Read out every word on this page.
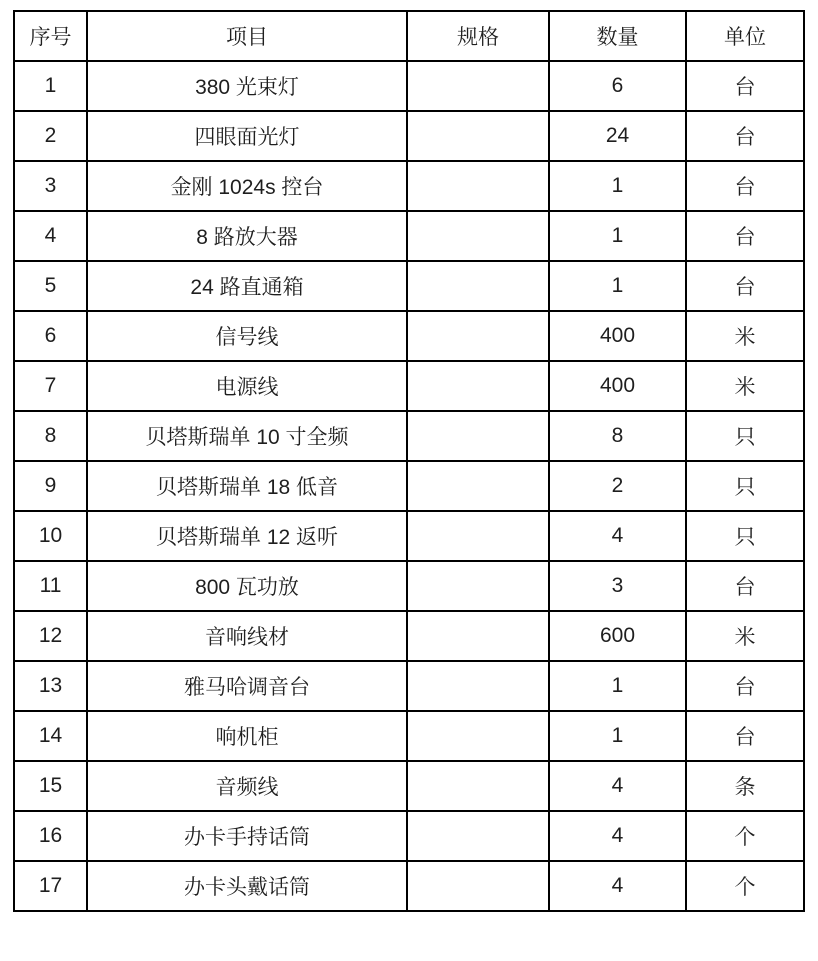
序号	项目	规格	数量	单位
1	380 光束灯		6	台
2	四眼面光灯		24	台
3	金刚 1024s 控台		1	台
4	8 路放大器		1	台
5	24 路直通箱		1	台
6	信号线		400	米
7	电源线		400	米
8	贝塔斯瑞单 10 寸全频		8	只
9	贝塔斯瑞单 18 低音		2	只
10	贝塔斯瑞单 12 返听		4	只
11	800 瓦功放		3	台
12	音响线材		600	米
13	雅马哈调音台		1	台
14	响机柜		1	台
15	音频线		4	条
16	办卡手持话筒		4	个
17	办卡头戴话筒		4	个
